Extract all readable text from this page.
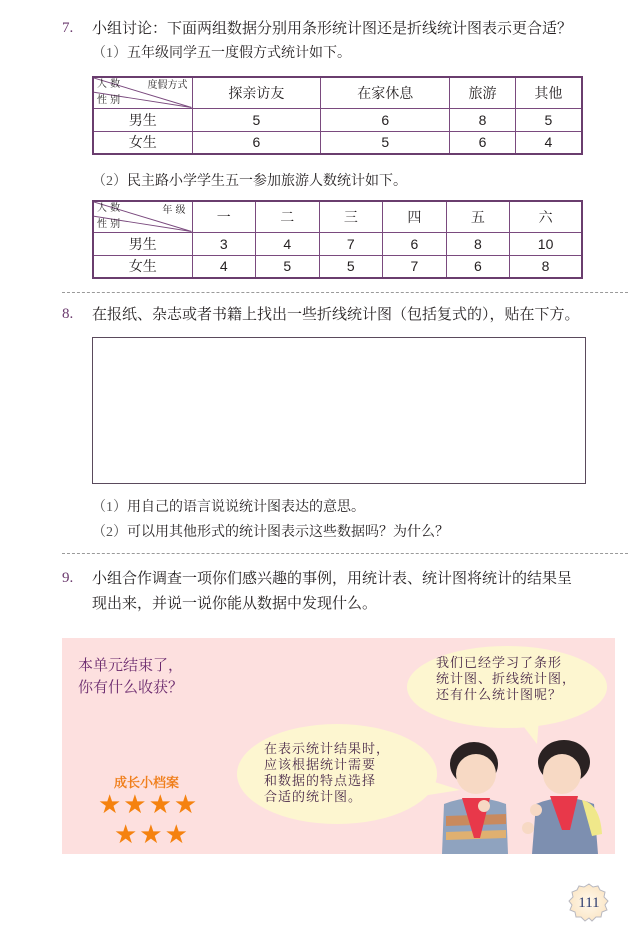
7. 小组讨论：下面两组数据分别用条形统计图还是折线统计图表示更合适？
（1）五年级同学五一度假方式统计如下。
度假方式
人 数
性 别	探亲访友	在家休息	旅游	其他
男生	5	6	8	5
女生	6	5	6	4
（2）民主路小学学生五一参加旅游人数统计如下。
年 级
人 数
性 别	一	二	三	四	五	六
男生	3	4	7	6	8	10
女生	4	5	5	7	6	8
8. 在报纸、杂志或者书籍上找出一些折线统计图（包括复式的），贴在下方。
（1）用自己的语言说说统计图表达的意思。
（2）可以用其他形式的统计图表示这些数据吗？为什么？
9. 小组合作调查一项你们感兴趣的事例，用统计表、统计图将统计的结果呈
现出来，并说一说你能从数据中发现什么。
本单元结束了，
你有什么收获？
成长小档案
★★★★
★★★
我们已经学习了条形
统计图、折线统计图，
还有什么统计图呢？
在表示统计结果时，
应该根据统计需要
和数据的特点选择
合适的统计图。
111
